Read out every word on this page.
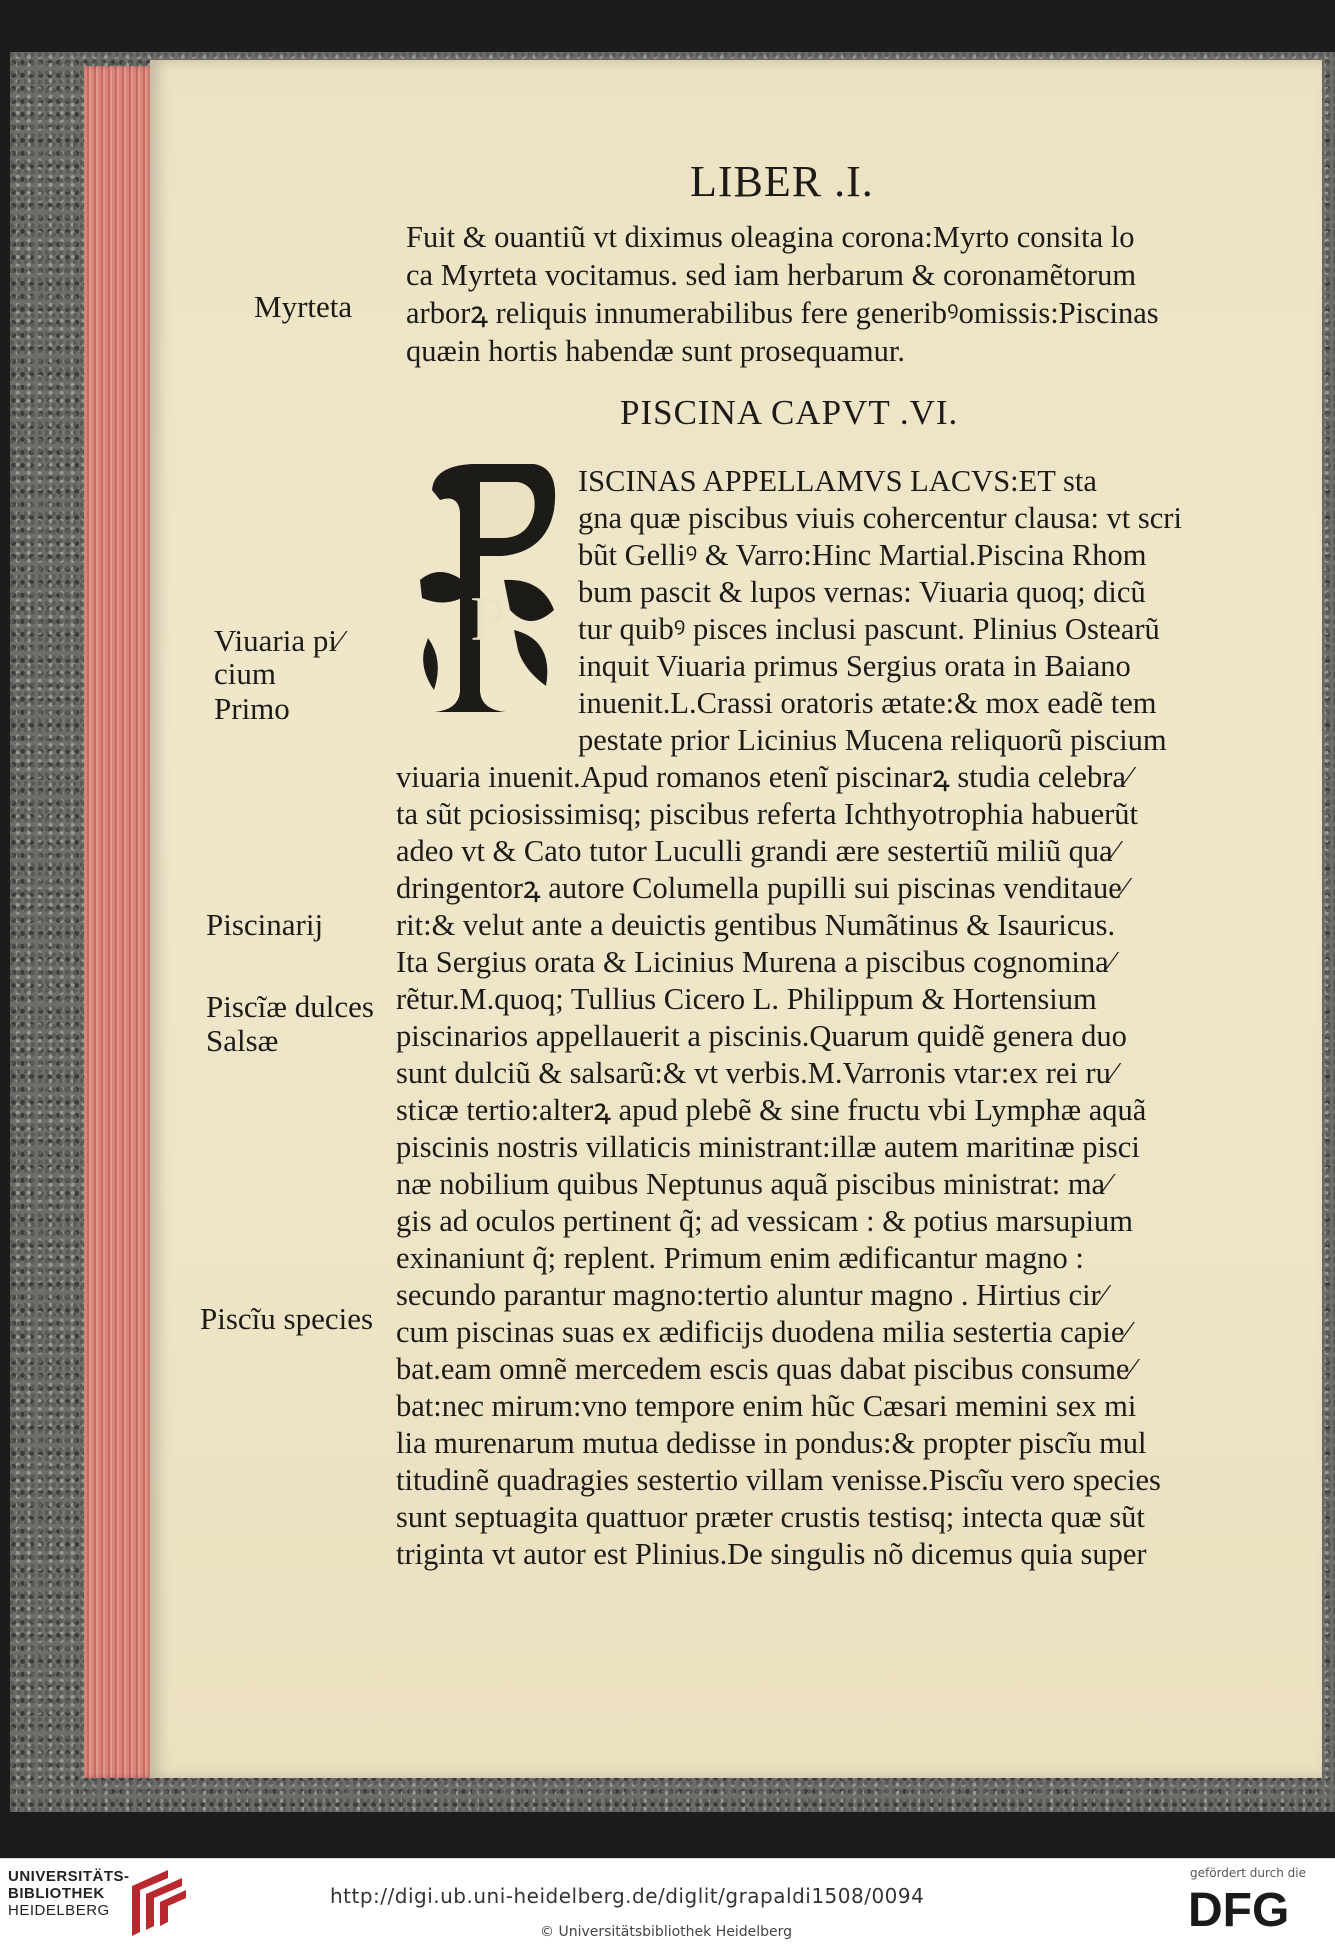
LIBER .I.
Fuit & ouantiũ vt diximus oleagina corona:Myrto consita lo
ca Myrteta vocitamus. sed iam herbarum & coronamẽtorum
arborꝝ reliquis innumerabilibus fere generibꝰomissis:Piscinas
quæin hortis habendæ sunt prosequamur.
PISCINA CAPVT .VI.
P
ISCINAS APPELLAMVS LACVS:ET sta
gna quæ piscibus viuis cohercentur clausa: vt scri
bũt Gelliꝰ & Varro:Hinc Martial.Piscina Rhom
bum pascit & lupos vernas: Viuaria quoq; dicũ
tur quibꝰ pisces inclusi pascunt. Plinius Ostearũ
inquit Viuaria primus Sergius orata in Baiano
inuenit.L.Crassi oratoris ætate:& mox eadẽ tem
pestate prior Licinius Mucena reliquorũ piscium
viuaria inuenit.Apud romanos etenĩ piscinarꝝ studia celebra⁄
ta sũt pciosissimisq; piscibus referta Ichthyotrophia habuerũt
adeo vt & Cato tutor Luculli grandi ære sestertiũ miliũ qua⁄
dringentorꝝ autore Columella pupilli sui piscinas venditaue⁄
rit:& velut ante a deuictis gentibus Numãtinus & Isauricus.
Ita Sergius orata & Licinius Murena a piscibus cognomina⁄
rẽtur.M.quoq; Tullius Cicero L. Philippum & Hortensium
piscinarios appellauerit a piscinis.Quarum quidẽ genera duo
sunt dulciũ & salsarũ:& vt verbis.M.Varronis vtar:ex rei ru⁄
sticæ tertio:alterꝝ apud plebẽ & sine fructu vbi Lymphæ aquã
piscinis nostris villaticis ministrant:illæ autem maritinæ pisci
næ nobilium quibus Neptunus aquã piscibus ministrat: ma⁄
gis ad oculos pertinent q̃; ad vessicam : & potius marsupium
exinaniunt q̃; replent. Primum enim ædificantur magno :
secundo parantur magno:tertio aluntur magno . Hirtius cir⁄
cum piscinas suas ex ædificijs duodena milia sestertia capie⁄
bat.eam omnẽ mercedem escis quas dabat piscibus consume⁄
bat:nec mirum:vno tempore enim hũc Cæsari memini sex mi
lia murenarum mutua dedisse in pondus:& propter piscĩu mul
titudinẽ quadragies sestertio villam venisse.Piscĩu vero species
sunt septuagita quattuor præter crustis testisq; intecta quæ sũt
triginta vt autor est Plinius.De singulis nõ dicemus quia super
Myrteta
Viuaria pi⁄
cium
Primo
Piscinarij
Piscĩæ dulces
Salsæ
Piscĩu species
UNIVERSITÄTS-
BIBLIOTHEK
HEIDELBERG
http://digi.ub.uni-heidelberg.de/diglit/grapaldi1508/0094
© Universitätsbibliothek Heidelberg
gefördert durch die
DFG
